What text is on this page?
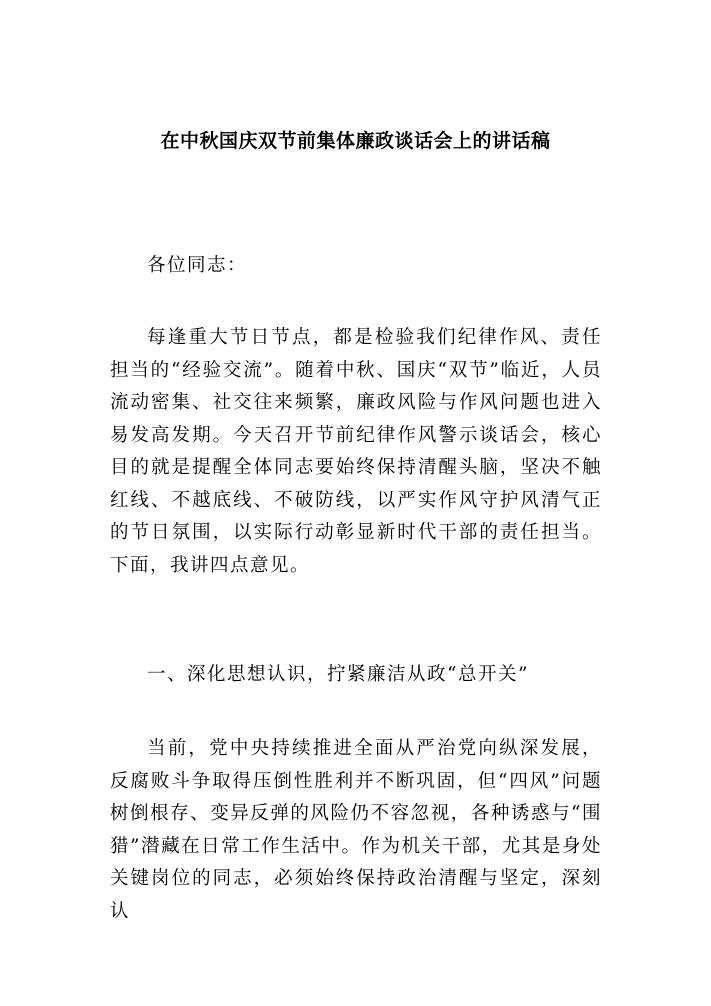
在中秋国庆双节前集体廉政谈话会上的讲话稿

各位同志：

每逢重大节日节点，都是检验我们纪律作风、责任担当的“经验交流”。随着中秋、国庆“双节”临近，人员流动密集、社交往来频繁，廉政风险与作风问题也进入易发高发期。今天召开节前纪律作风警示谈话会，核心目的就是提醒全体同志要始终保持清醒头脑，坚决不触红线、不越底线、不破防线，以严实作风守护风清气正的节日氛围，以实际行动彰显新时代干部的责任担当。下面，我讲四点意见。

一、深化思想认识，拧紧廉洁从政“总开关”

当前，党中央持续推进全面从严治党向纵深发展，反腐败斗争取得压倒性胜利并不断巩固，但“四风”问题树倒根存、变异反弹的风险仍不容忽视，各种诱惑与“围猎”潜藏在日常工作生活中。作为机关干部，尤其是身处关键岗位的同志，必须始终保持政治清醒与坚定，深刻认
